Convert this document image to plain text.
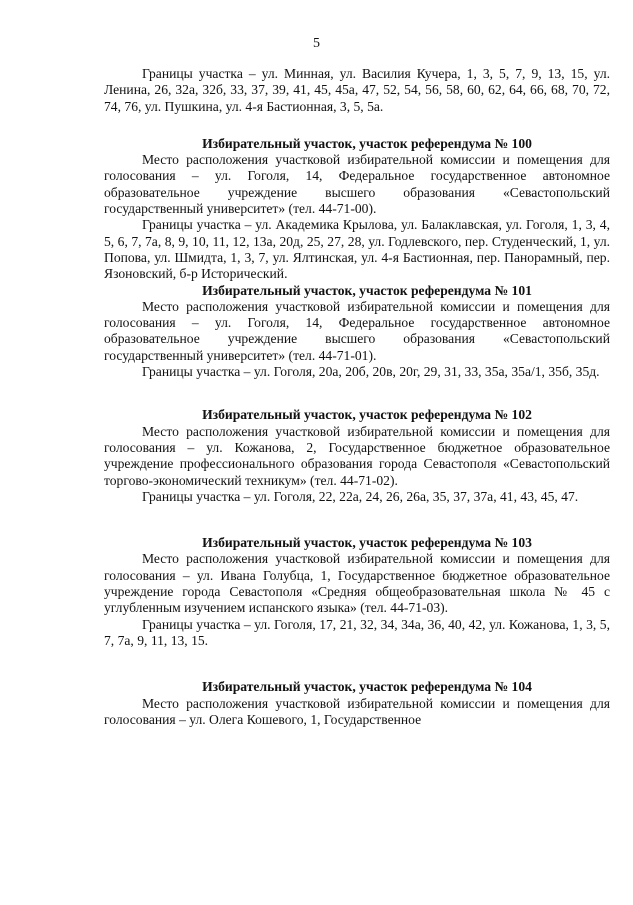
5

Границы участка – ул. Минная, ул. Василия Кучера, 1, 3, 5, 7, 9, 13, 15, ул. Ленина, 26, 32а, 32б, 33, 37, 39, 41, 45, 45а, 47, 52, 54, 56, 58, 60, 62, 64, 66, 68, 70, 72, 74, 76, ул. Пушкина, ул. 4-я Бастионная, 3, 5, 5а.

Избирательный участок, участок референдума № 100

Место расположения участковой избирательной комиссии и помещения для голосования – ул. Гоголя, 14, Федеральное государственное автономное образовательное учреждение высшего образования «Севастопольский государственный университет» (тел. 44-71-00).

Границы участка – ул. Академика Крылова, ул. Балаклавская, ул. Гоголя, 1, 3, 4, 5, 6, 7, 7а, 8, 9, 10, 11, 12, 13а, 20д, 25, 27, 28, ул. Годлевского, пер. Студенческий, 1, ул. Попова, ул. Шмидта, 1, 3, 7, ул. Ялтинская, ул. 4-я Бастионная, пер. Панорамный, пер. Язоновский, б-р Исторический.

Избирательный участок, участок референдума № 101

Место расположения участковой избирательной комиссии и помещения для голосования – ул. Гоголя, 14, Федеральное государственное автономное образовательное учреждение высшего образования «Севастопольский государственный университет» (тел. 44-71-01).

Границы участка – ул. Гоголя, 20а, 20б, 20в, 20г, 29, 31, 33, 35а, 35а/1, 35б, 35д.

Избирательный участок, участок референдума № 102

Место расположения участковой избирательной комиссии и помещения для голосования – ул. Кожанова, 2, Государственное бюджетное образовательное учреждение профессионального образования города Севастополя «Севастопольский торгово-экономический техникум» (тел. 44-71-02).

Границы участка – ул. Гоголя, 22, 22а, 24, 26, 26а, 35, 37, 37а, 41, 43, 45, 47.

Избирательный участок, участок референдума № 103

Место расположения участковой избирательной комиссии и помещения для голосования – ул. Ивана Голубца, 1, Государственное бюджетное образовательное учреждение города Севастополя «Средняя общеобразовательная школа № 45 с углубленным изучением испанского языка» (тел. 44-71-03).

Границы участка – ул. Гоголя, 17, 21, 32, 34, 34а, 36, 40, 42, ул. Кожанова, 1, 3, 5, 7, 7а, 9, 11, 13, 15.

Избирательный участок, участок референдума № 104

Место расположения участковой избирательной комиссии и помещения для голосования – ул. Олега Кошевого, 1, Государственное
